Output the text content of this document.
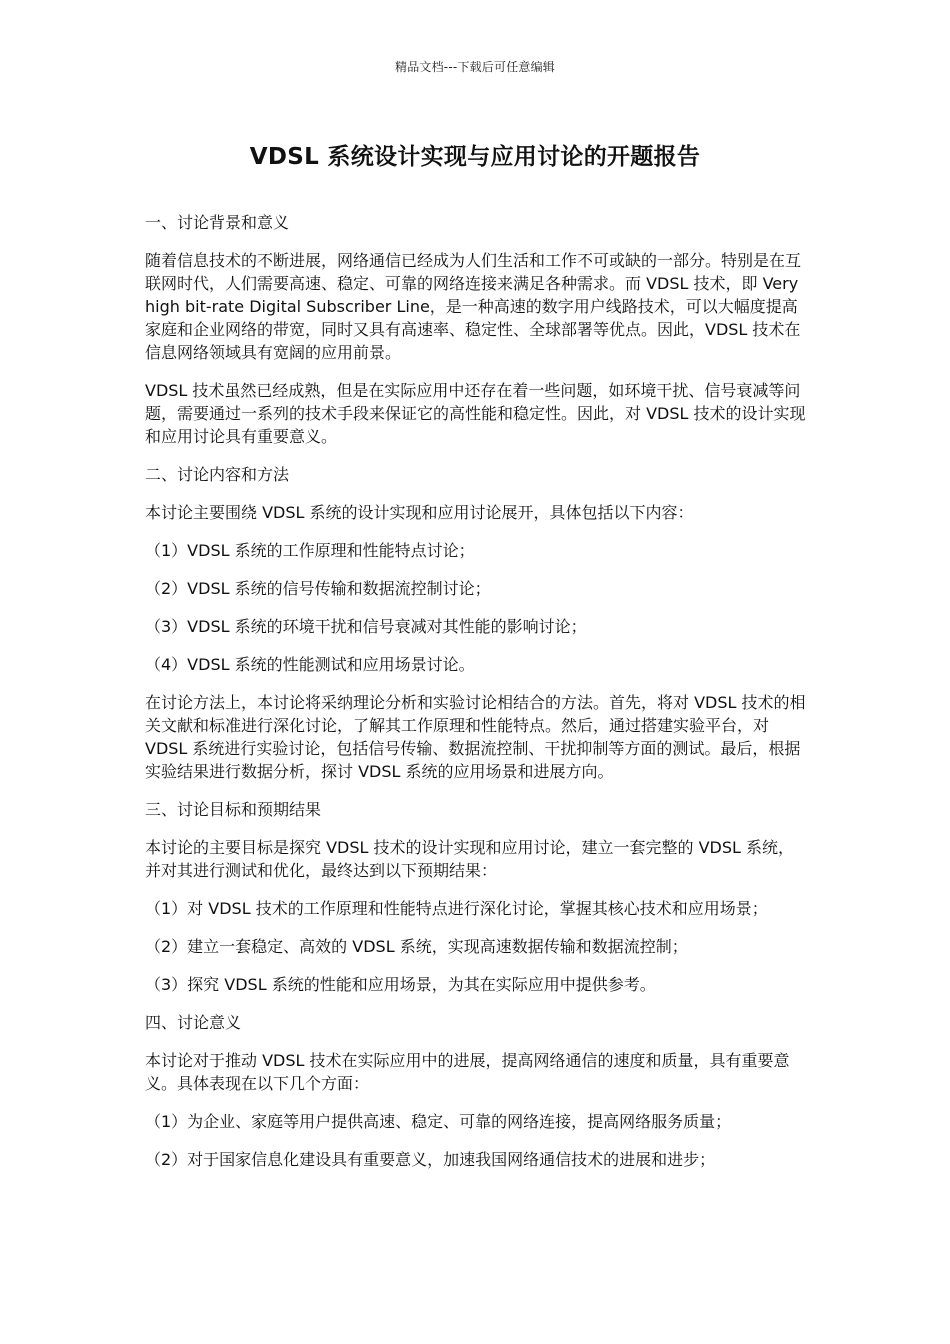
精品文档---下载后可任意编辑
VDSL 系统设计实现与应用讨论的开题报告

一、讨论背景和意义

随着信息技术的不断进展，网络通信已经成为人们生活和工作不可或缺的一部分。特别是在互联网时代，人们需要高速、稳定、可靠的网络连接来满足各种需求。而 VDSL 技术，即 Very high bit-rate Digital Subscriber Line，是一种高速的数字用户线路技术，可以大幅度提高家庭和企业网络的带宽，同时又具有高速率、稳定性、全球部署等优点。因此，VDSL 技术在信息网络领域具有宽阔的应用前景。

VDSL 技术虽然已经成熟，但是在实际应用中还存在着一些问题，如环境干扰、信号衰减等问题，需要通过一系列的技术手段来保证它的高性能和稳定性。因此，对 VDSL 技术的设计实现和应用讨论具有重要意义。

二、讨论内容和方法

本讨论主要围绕 VDSL 系统的设计实现和应用讨论展开，具体包括以下内容：

（1）VDSL 系统的工作原理和性能特点讨论；

（2）VDSL 系统的信号传输和数据流控制讨论；

（3）VDSL 系统的环境干扰和信号衰减对其性能的影响讨论；

（4）VDSL 系统的性能测试和应用场景讨论。

在讨论方法上，本讨论将采纳理论分析和实验讨论相结合的方法。首先，将对 VDSL 技术的相关文献和标准进行深化讨论，了解其工作原理和性能特点。然后，通过搭建实验平台，对 VDSL 系统进行实验讨论，包括信号传输、数据流控制、干扰抑制等方面的测试。最后，根据实验结果进行数据分析，探讨 VDSL 系统的应用场景和进展方向。

三、讨论目标和预期结果

本讨论的主要目标是探究 VDSL 技术的设计实现和应用讨论，建立一套完整的 VDSL 系统，并对其进行测试和优化，最终达到以下预期结果：

（1）对 VDSL 技术的工作原理和性能特点进行深化讨论，掌握其核心技术和应用场景；

（2）建立一套稳定、高效的 VDSL 系统，实现高速数据传输和数据流控制；

（3）探究 VDSL 系统的性能和应用场景，为其在实际应用中提供参考。

四、讨论意义

本讨论对于推动 VDSL 技术在实际应用中的进展，提高网络通信的速度和质量，具有重要意义。具体表现在以下几个方面：

（1）为企业、家庭等用户提供高速、稳定、可靠的网络连接，提高网络服务质量；

（2）对于国家信息化建设具有重要意义，加速我国网络通信技术的进展和进步；
